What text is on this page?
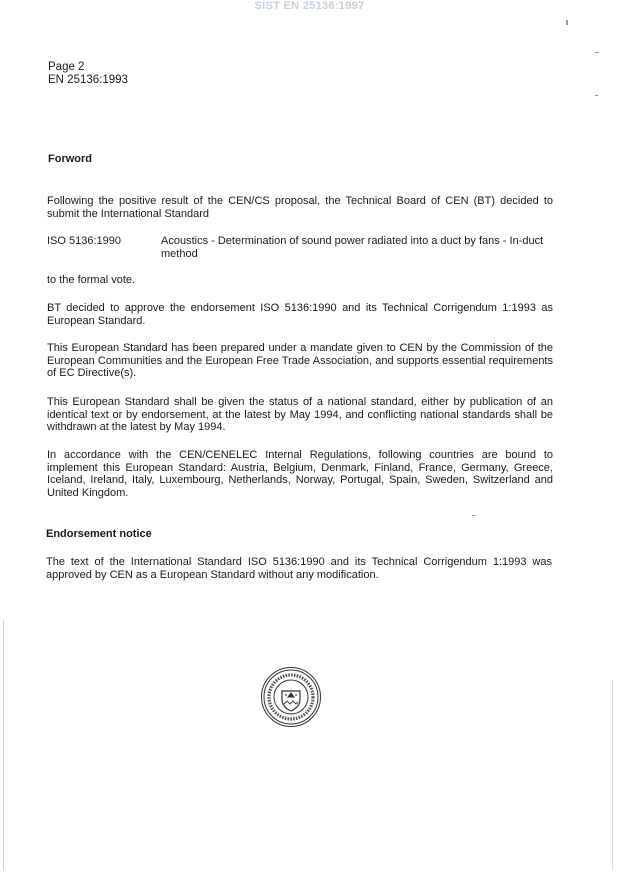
SIST EN 25136:1997
Page 2
EN 25136:1993
Forword
Following the positive result of the CEN/CS proposal, the Technical Board of CEN (BT) decided to submit the International Standard
ISO 5136:1990	Acoustics - Determination of sound power radiated into a duct by fans - In-duct method
to the formal vote.
BT decided to approve the endorsement ISO 5136:1990 and its Technical Corrigendum 1:1993 as European Standard.
This European Standard has been prepared under a mandate given to CEN by the Commission of the European Communities and the European Free Trade Association, and supports essential requirements of EC Directive(s).
This European Standard shall be given the status of a national standard, either by publication of an identical text or by endorsement, at the latest by May 1994, and conflicting national standards shall be withdrawn at the latest by May 1994.
In accordance with the CEN/CENELEC Internal Regulations, following countries are bound to implement this European Standard: Austria, Belgium, Denmark, Finland, France, Germany, Greece, Iceland, Ireland, Italy, Luxembourg, Netherlands, Norway, Portugal, Spain, Sweden, Switzerland and United Kingdom.
Endorsement notice
The text of the International Standard ISO 5136:1990 and its Technical Corrigendum 1:1993 was approved by CEN as a European Standard without any modification.
